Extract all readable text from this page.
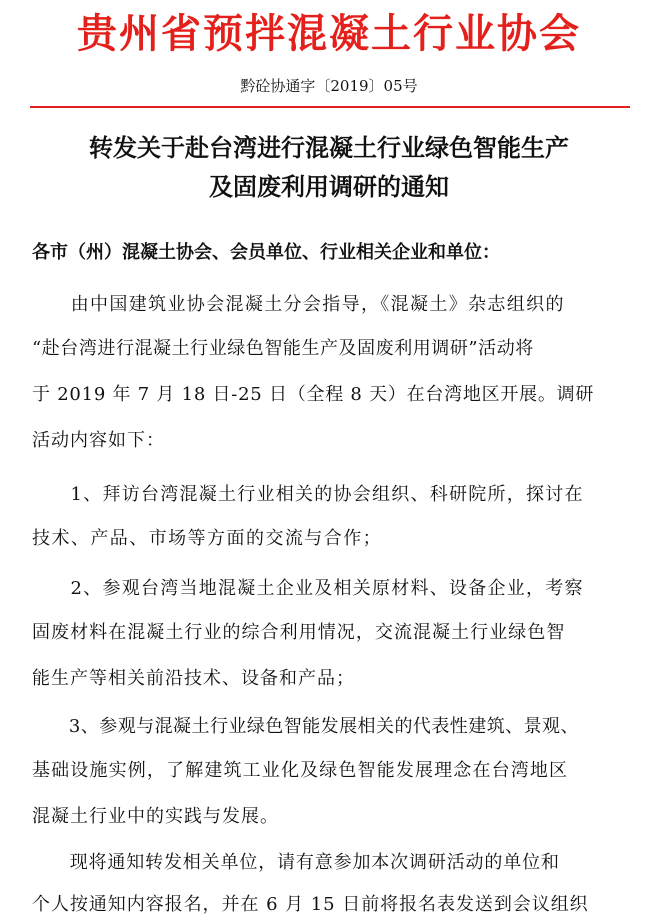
贵州省预拌混凝土行业协会
黔砼协通字〔2019〕05号
转发关于赴台湾进行混凝土行业绿色智能生产
及固废利用调研的通知
各市（州）混凝土协会、会员单位、行业相关企业和单位：
　　由中国建筑业协会混凝土分会指导，《混凝土》杂志组织的
“赴台湾进行混凝土行业绿色智能生产及固废利用调研”活动将
于 2019 年 7 月 18 日-25 日（全程 8 天）在台湾地区开展。调研
活动内容如下：
　　1、拜访台湾混凝土行业相关的协会组织、科研院所，探讨在
技术、产品、市场等方面的交流与合作；
　　2、参观台湾当地混凝土企业及相关原材料、设备企业，考察
固废材料在混凝土行业的综合利用情况，交流混凝土行业绿色智
能生产等相关前沿技术、设备和产品；
　　3、参观与混凝土行业绿色智能发展相关的代表性建筑、景观、
基础设施实例，了解建筑工业化及绿色智能发展理念在台湾地区
混凝土行业中的实践与发展。
　　现将通知转发相关单位，请有意参加本次调研活动的单位和
个人按通知内容报名，并在 6 月 15 日前将报名表发送到会议组织
